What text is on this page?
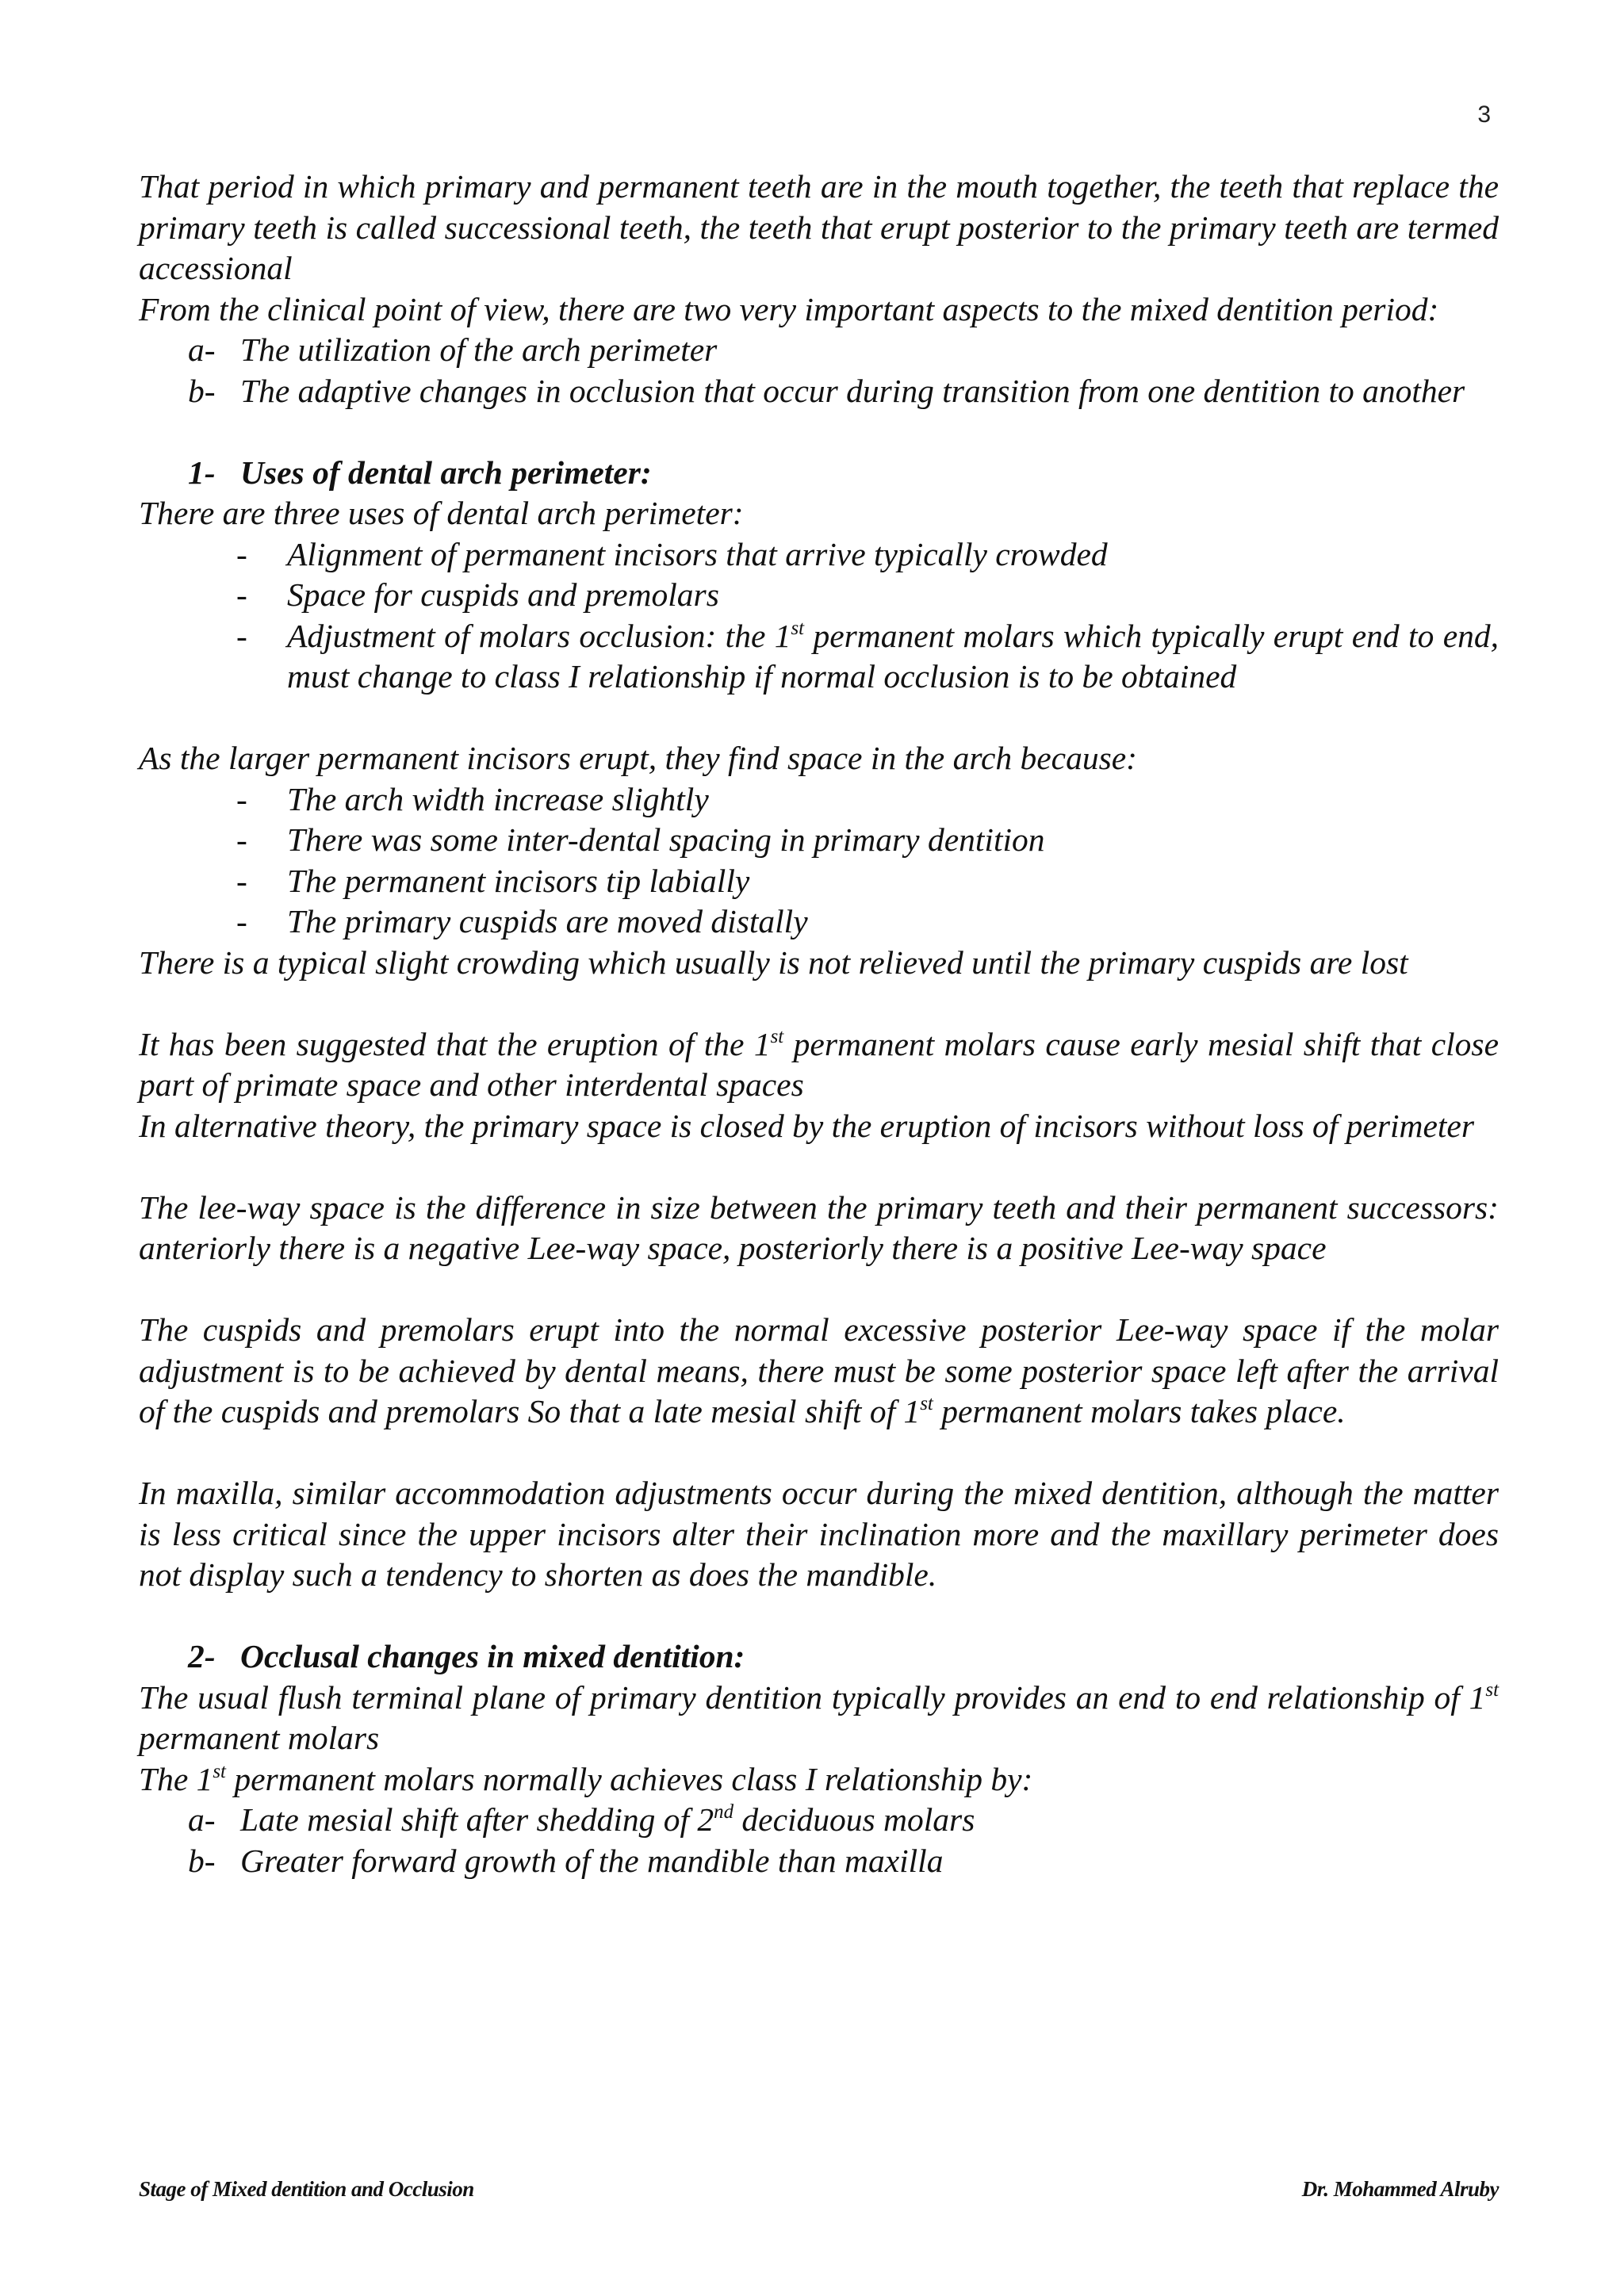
3

That period in which primary and permanent teeth are in the mouth together, the teeth that replace the primary teeth is called successional teeth, the teeth that erupt posterior to the primary teeth are termed accessional

From the clinical point of view, there are two very important aspects to the mixed dentition period:

a- The utilization of the arch perimeter
b- The adaptive changes in occlusion that occur during transition from one dentition to another
1- Uses of dental arch perimeter:

There are three uses of dental arch perimeter:

-	Alignment of permanent incisors that arrive typically crowded
-	Space for cuspids and premolars
-	Adjustment of molars occlusion: the 1st permanent molars which typically erupt end to end, must change to class I relationship if normal occlusion is to be obtained

As the larger permanent incisors erupt, they find space in the arch because:

-	The arch width increase slightly
-	There was some inter-dental spacing in primary dentition
-	The permanent incisors tip labially
-	The primary cuspids are moved distally

There is a typical slight crowding which usually is not relieved until the primary cuspids are lost

It has been suggested that the eruption of the 1st permanent molars cause early mesial shift that close part of primate space and other interdental spaces

In alternative theory, the primary space is closed by the eruption of incisors without loss of perimeter

The lee-way space is the difference in size between the primary teeth and their permanent successors: anteriorly there is a negative Lee-way space, posteriorly there is a positive Lee-way space

The cuspids and premolars erupt into the normal excessive posterior Lee-way space if the molar adjustment is to be achieved by dental means, there must be some posterior space left after the arrival of the cuspids and premolars So that a late mesial shift of 1st permanent molars takes place.

In maxilla, similar accommodation adjustments occur during the mixed dentition, although the matter is less critical since the upper incisors alter their inclination more and the maxillary perimeter does not display such a tendency to shorten as does the mandible.

2- Occlusal changes in mixed dentition:

The usual flush terminal plane of primary dentition typically provides an end to end relationship of 1st permanent molars

The 1st permanent molars normally achieves class I relationship by:

a- Late mesial shift after shedding of 2nd deciduous molars
b- Greater forward growth of the mandible than maxilla
Stage of Mixed dentition and Occlusion	Dr. Mohammed Alruby
